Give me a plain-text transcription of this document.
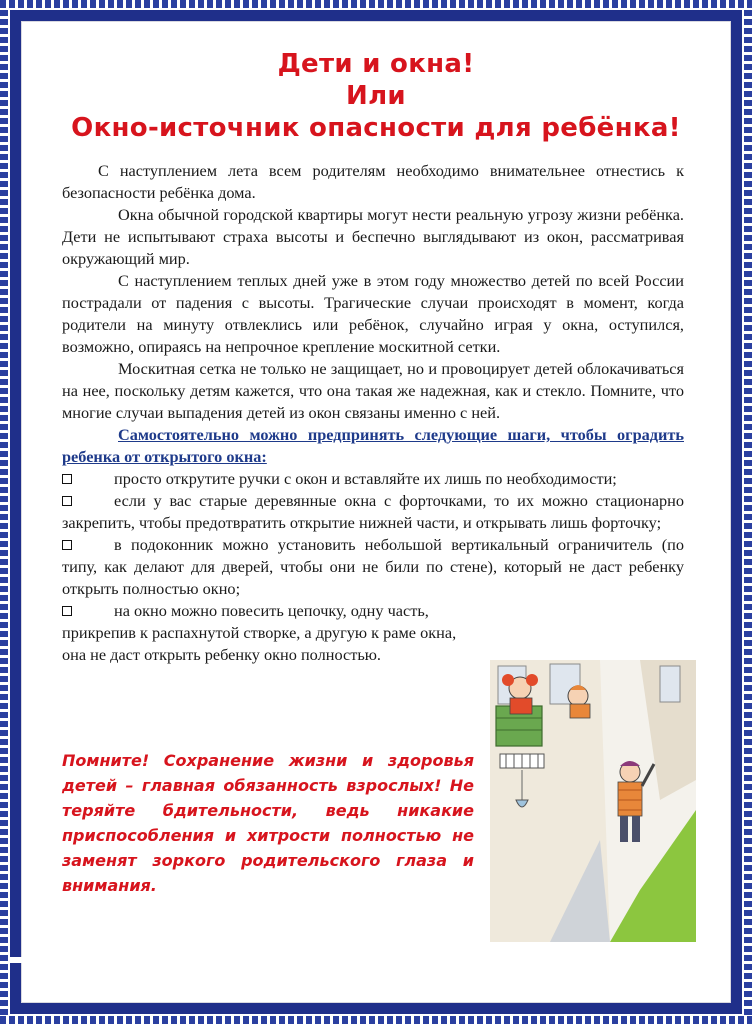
Дети и окна!
Или
Окно-источник опасности для ребёнка!

С наступлением лета всем родителям необходимо внимательнее отнестись к безопасности ребёнка дома.

Окна обычной городской квартиры могут нести реальную угрозу жизни ребёнка. Дети не испытывают страха высоты и беспечно выглядывают из окон, рассматривая окружающий мир.

С наступлением теплых дней уже в этом году множество детей по всей России пострадали от падения с высоты. Трагические случаи происходят в момент, когда родители на минуту отвлеклись или ребёнок, случайно играя у окна, оступился, возможно, опираясь на непрочное крепление москитной сетки.

Москитная сетка не только не защищает, но и провоцирует детей облокачиваться на нее, поскольку детям кажется, что она такая же надежная, как и стекло. Помните, что многие случаи выпадения детей из окон связаны именно с ней.

Самостоятельно можно предпринять следующие шаги, чтобы оградить ребенка от открытого окна:

просто открутите ручки с окон и вставляйте их лишь по необходимости;

если у вас старые деревянные окна с форточками, то их можно стационарно закрепить, чтобы предотвратить открытие нижней части, и открывать лишь форточку;

в подоконник можно установить небольшой вертикальный ограничитель (по типу, как делают для дверей, чтобы они не били по стене), который не даст ребенку открыть полностью окно;

на окно можно повесить цепочку, одну часть, прикрепив к распахнутой створке, а другую к раме окна, она не даст открыть ребенку окно полностью.

Помните! Сохранение жизни и здоровья детей – главная обязанность взрослых! Не теряйте бдительности, ведь никакие приспособления и хитрости полностью не заменят зоркого родительского глаза и внимания.
